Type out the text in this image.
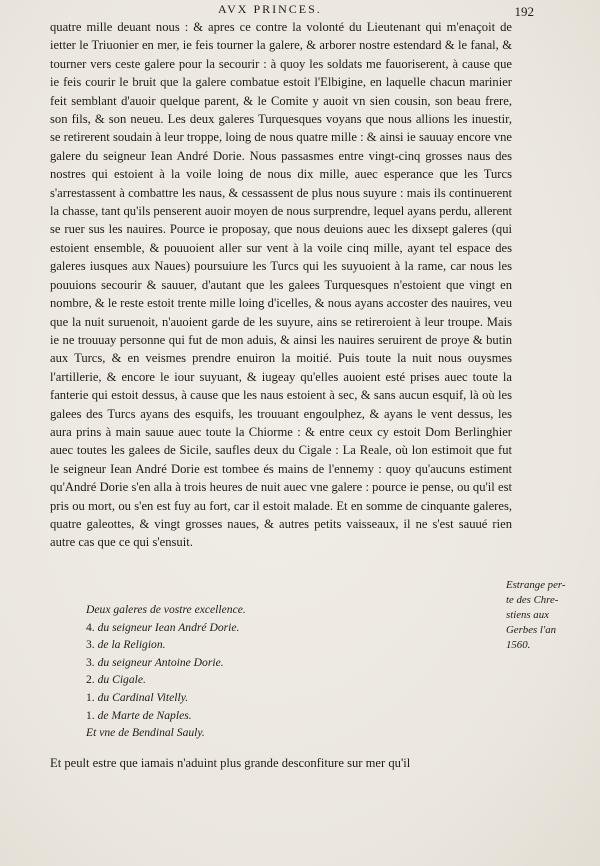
AVX PRINCES.	192

quatre mille deuant nous : & apres ce contre la volonté du Lieutenant qui m'enaçoit de ietter le Triuonier en mer, ie feis tourner la galere, & arborer nostre estendard & le fanal, & tourner vers ceste galere pour la secourir : à quoy les soldats me fauoriserent, à cause que ie feis courir le bruit que la galere combatue estoit l'Elbigine, en laquelle chacun marinier feit semblant d'auoir quelque parent, & le Comite y auoit vn sien cousin, son beau frere, son fils, & son neueu. Les deux galeres Turquesques voyans que nous allions les inuestir, se retirerent soudain à leur troppe, loing de nous quatre mille : & ainsi ie sauuay encore vne galere du seigneur Iean André Dorie. Nous passasmes entre vingt-cinq grosses naus des nostres qui estoient à la voile loing de nous dix mille, auec esperance que les Turcs s'arrestassent à combattre les naus, & cessassent de plus nous suyure : mais ils continuerent la chasse, tant qu'ils penserent auoir moyen de nous surprendre, lequel ayans perdu, allerent se ruer sus les nauires. Pource ie proposay, que nous deuions auec les dixsept galeres (qui estoient ensemble, & pouuoient aller sur vent à la voile cinq mille, ayant tel espace des galeres iusques aux Naues) poursuiure les Turcs qui les suyuoient à la rame, car nous les pouuions secourir & sauuer, d'autant que les galees Turquesques n'estoient que vingt en nombre, & le reste estoit trente mille loing d'icelles, & nous ayans accoster des nauires, veu que la nuit suruenoit, n'auoient garde de les suyure, ains se retireroient à leur troupe. Mais ie ne trouuay personne qui fut de mon aduis, & ainsi les nauires seruirent de proye & butin aux Turcs, & en veismes prendre enuiron la moitié. Puis toute la nuit nous ouysmes l'artillerie, & encore le iour suyuant, & iugeay qu'elles auoient esté prises auec toute la fanterie qui estoit dessus, à cause que les naus estoient à sec, & sans aucun esquif, là où les galees des Turcs ayans des esquifs, les trouuant engoulphez, & ayans le vent dessus, les aura prins à main sauue auec toute la Chiorme : & entre ceux cy estoit Dom Berlinghier auec toutes les galees de Sicile, saufles deux du Cigale : La Reale, où lon estimoit que fut le seigneur Iean André Dorie est tombee és mains de l'ennemy : quoy qu'aucuns estiment qu'André Dorie s'en alla à trois heures de nuit auec vne galere : pource ie pense, ou qu'il est pris ou mort, ou s'en est fuy au fort, car il estoit malade. Et en somme de cinquante galeres, quatre galeottes, & vingt grosses naues, & autres petits vaisseaux, il ne s'est sauué rien autre cas que ce qui s'ensuit.

Estrange per-
te des Chre-
stiens aux
Gerbes l'an
1560.
Deux galeres de vostre excellence.
4. du seigneur Iean André Dorie.
3. de la Religion.
3. du seigneur Antoine Dorie.
2. du Cigale.
1. du Cardinal Vitelly.
1. de Marte de Naples.
Et vne de Bendinal Sauly.
Et peult estre que iamais n'aduint plus grande desconfiture sur mer qu'il
